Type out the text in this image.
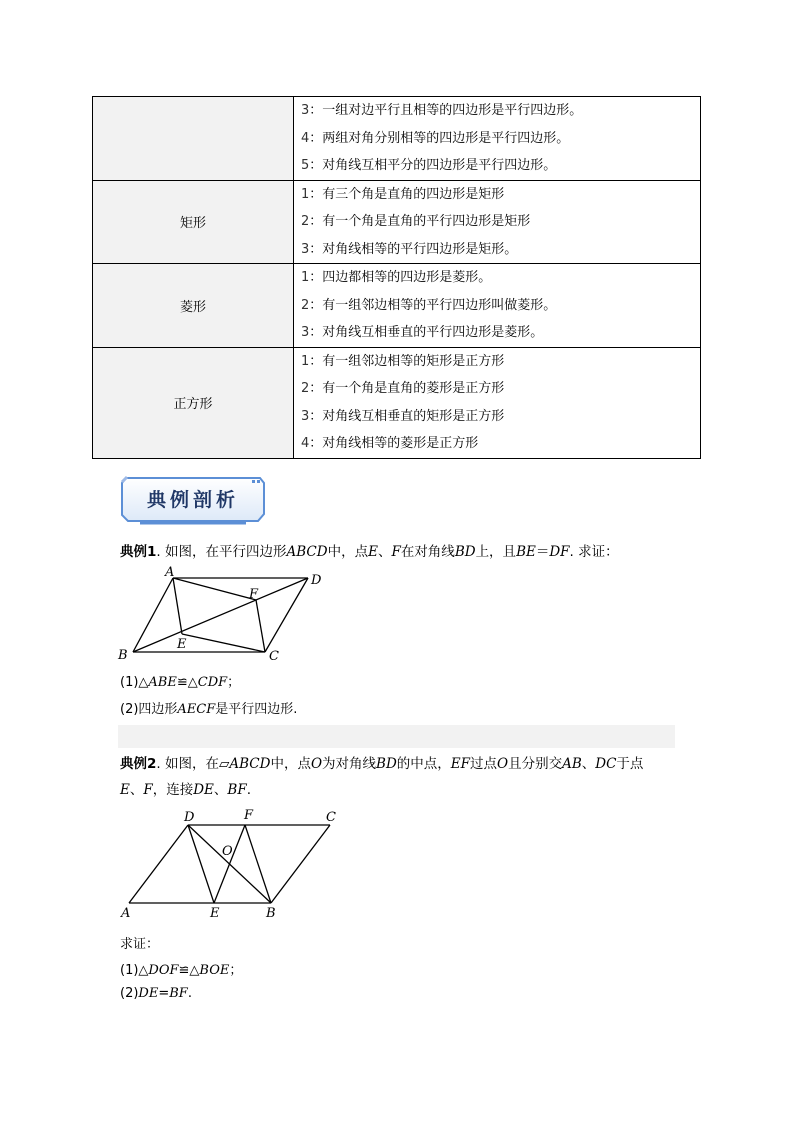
	3：一组对边平行且相等的四边形是平行四边形。
4：两组对角分别相等的四边形是平行四边形。
5：对角线互相平分的四边形是平行四边形。

矩形	1：有三个角是直角的四边形是矩形
2：有一个角是直角的平行四边形是矩形
3：对角线相等的平行四边形是矩形。

菱形	1：四边都相等的四边形是菱形。
2：有一组邻边相等的平行四边形叫做菱形。
3：对角线互相垂直的平行四边形是菱形。

正方形	1：有一组邻边相等的矩形是正方形
2：有一个角是直角的菱形是正方形
3：对角线互相垂直的矩形是正方形
4：对角线相等的菱形是正方形
典例剖析
典例1. 如图，在平行四边形ABCD中，点E、F在对角线BD上，且BE＝DF. 求证：
A
D
B	C
E
F
(1)△ABE≌△CDF；
(2)四边形AECF是平行四边形.
典例2. 如图，在▱ABCD中，点O为对角线BD的中点，EF过点O且分别交AB、DC于点
E、F，连接DE、BF.
D	F	C
O
A	E	B
求证：
(1)△DOF≌△BOE；
(2)DE=BF.
